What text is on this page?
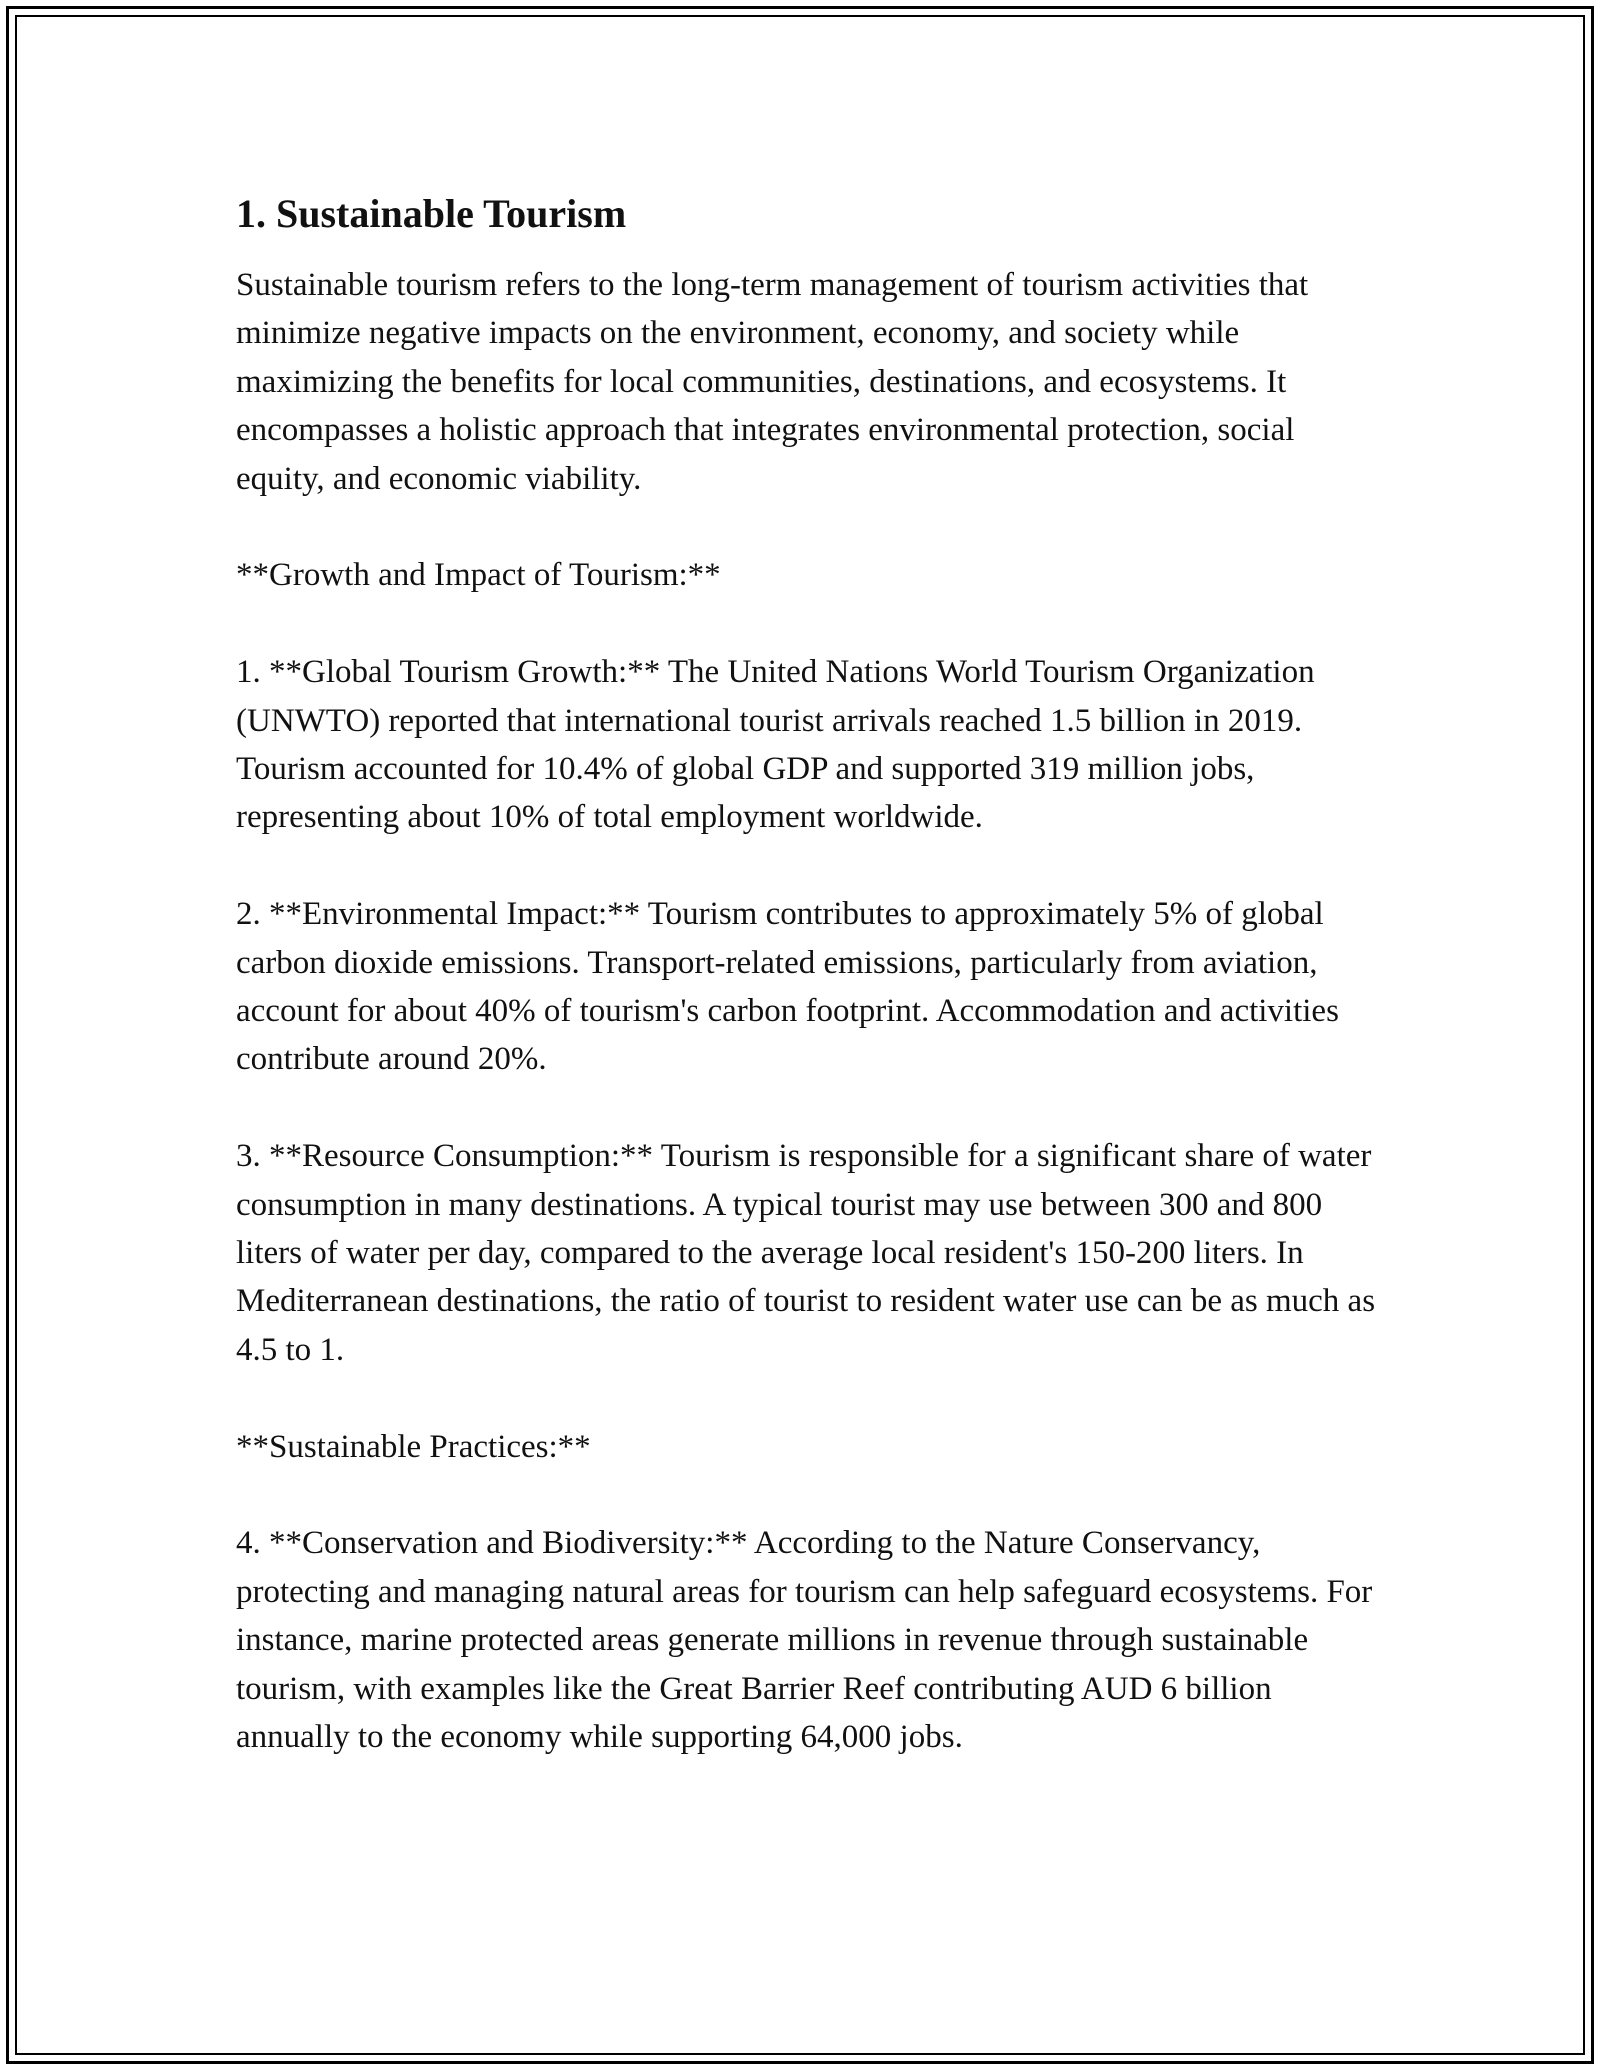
1. Sustainable Tourism

Sustainable tourism refers to the long-term management of tourism activities that minimize negative impacts on the environment, economy, and society while maximizing the benefits for local communities, destinations, and ecosystems. It encompasses a holistic approach that integrates environmental protection, social equity, and economic viability.

**Growth and Impact of Tourism:**

1. **Global Tourism Growth:** The United Nations World Tourism Organization (UNWTO) reported that international tourist arrivals reached 1.5 billion in 2019. Tourism accounted for 10.4% of global GDP and supported 319 million jobs, representing about 10% of total employment worldwide.

2. **Environmental Impact:** Tourism contributes to approximately 5% of global carbon dioxide emissions. Transport-related emissions, particularly from aviation, account for about 40% of tourism's carbon footprint. Accommodation and activities contribute around 20%.

3. **Resource Consumption:** Tourism is responsible for a significant share of water consumption in many destinations. A typical tourist may use between 300 and 800 liters of water per day, compared to the average local resident's 150-200 liters. In Mediterranean destinations, the ratio of tourist to resident water use can be as much as 4.5 to 1.

**Sustainable Practices:**

4. **Conservation and Biodiversity:** According to the Nature Conservancy, protecting and managing natural areas for tourism can help safeguard ecosystems. For instance, marine protected areas generate millions in revenue through sustainable tourism, with examples like the Great Barrier Reef contributing AUD 6 billion annually to the economy while supporting 64,000 jobs.
